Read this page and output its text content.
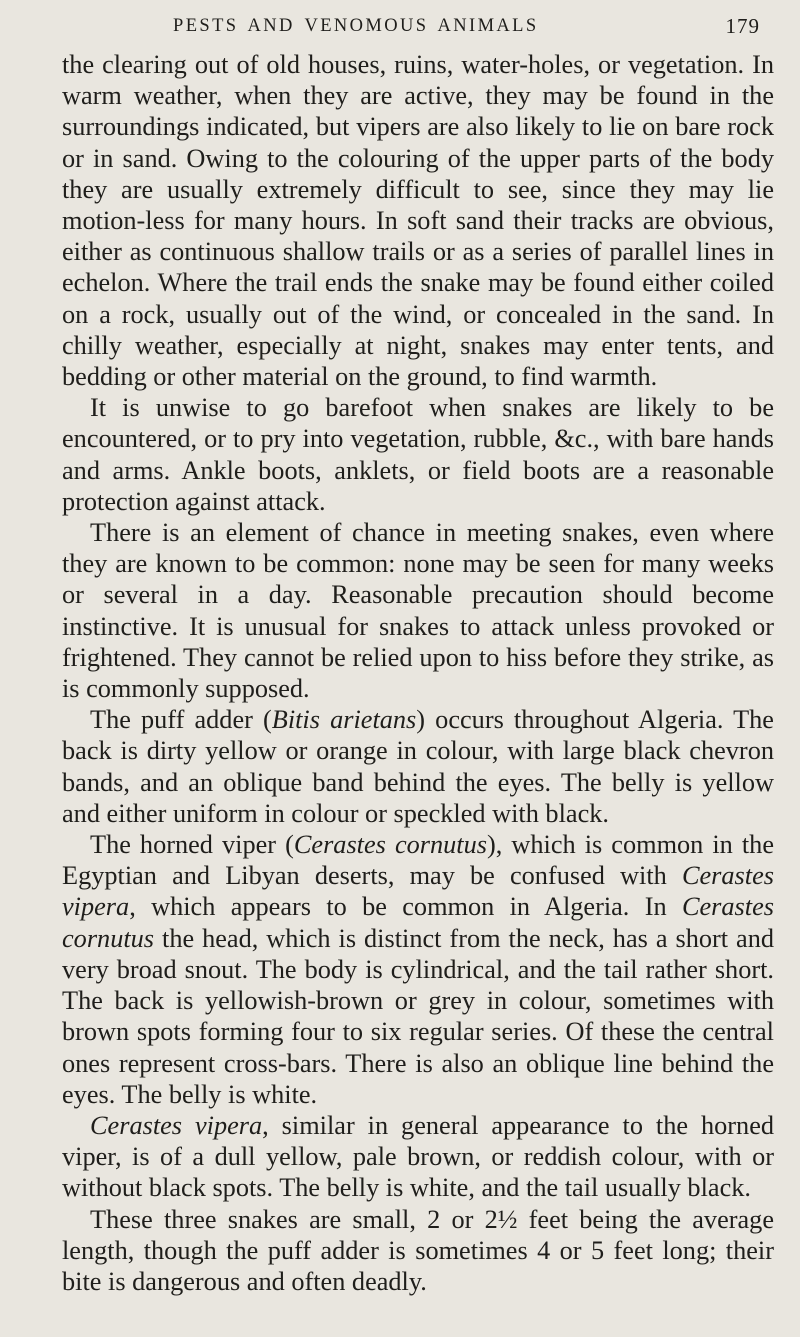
PESTS AND VENOMOUS ANIMALS	179

the clearing out of old houses, ruins, water-holes, or vegetation. In warm weather, when they are active, they may be found in the surroundings indicated, but vipers are also likely to lie on bare rock or in sand. Owing to the colouring of the upper parts of the body they are usually extremely difficult to see, since they may lie motion-less for many hours. In soft sand their tracks are obvious, either as continuous shallow trails or as a series of parallel lines in echelon. Where the trail ends the snake may be found either coiled on a rock, usually out of the wind, or concealed in the sand. In chilly weather, especially at night, snakes may enter tents, and bedding or other material on the ground, to find warmth.

It is unwise to go barefoot when snakes are likely to be encountered, or to pry into vegetation, rubble, &c., with bare hands and arms. Ankle boots, anklets, or field boots are a reasonable protection against attack.

There is an element of chance in meeting snakes, even where they are known to be common: none may be seen for many weeks or several in a day. Reasonable precaution should become instinctive. It is unusual for snakes to attack unless provoked or frightened. They cannot be relied upon to hiss before they strike, as is commonly supposed.

The puff adder (Bitis arietans) occurs throughout Algeria. The back is dirty yellow or orange in colour, with large black chevron bands, and an oblique band behind the eyes. The belly is yellow and either uniform in colour or speckled with black.

The horned viper (Cerastes cornutus), which is common in the Egyptian and Libyan deserts, may be confused with Cerastes vipera, which appears to be common in Algeria. In Cerastes cornutus the head, which is distinct from the neck, has a short and very broad snout. The body is cylindrical, and the tail rather short. The back is yellowish-brown or grey in colour, sometimes with brown spots forming four to six regular series. Of these the central ones represent cross-bars. There is also an oblique line behind the eyes. The belly is white.

Cerastes vipera, similar in general appearance to the horned viper, is of a dull yellow, pale brown, or reddish colour, with or without black spots. The belly is white, and the tail usually black.

These three snakes are small, 2 or 2½ feet being the average length, though the puff adder is sometimes 4 or 5 feet long; their bite is dangerous and often deadly.
